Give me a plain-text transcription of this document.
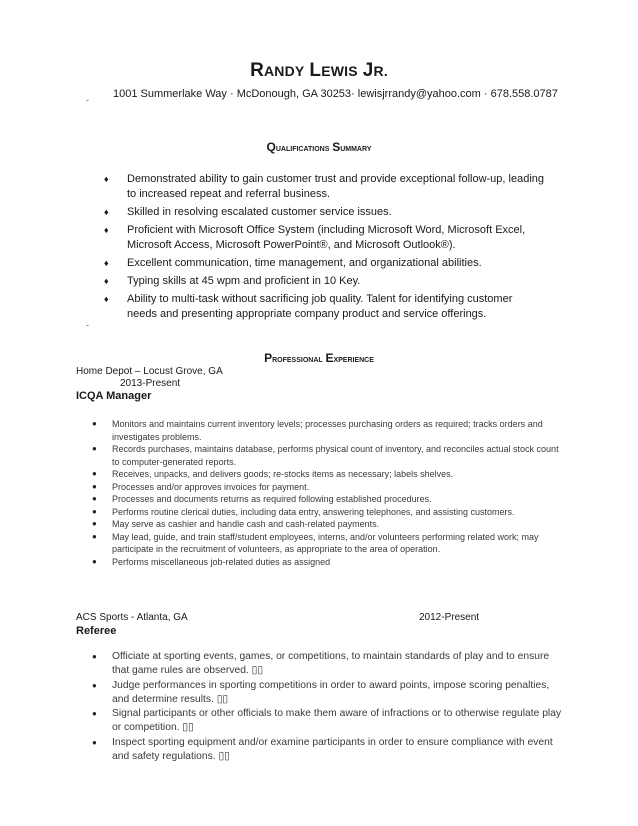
RANDY LEWIS JR.
- 1001 Summerlake Way · McDonough, GA 30253· lewisjrrandy@yahoo.com · 678.558.0787
Qualifications Summary
♦ Demonstrated ability to gain customer trust and provide exceptional follow-up, leading to increased repeat and referral business.
♦ Skilled in resolving escalated customer service issues.
♦ Proficient with Microsoft Office System (including Microsoft Word, Microsoft Excel, Microsoft Access, Microsoft PowerPoint®, and Microsoft Outlook®).
♦ Excellent communication, time management, and organizational abilities.
♦ Typing skills at 45 wpm and proficient in 10 Key.
♦ Ability to multi-task without sacrificing job quality. Talent for identifying customer needs and presenting appropriate company product and service offerings.
-
Professional Experience
Home Depot – Locust Grove, GA
2013-Present
ICQA Manager
● Monitors and maintains current inventory levels; processes purchasing orders as required; tracks orders and investigates problems.
● Records purchases, maintains database, performs physical count of inventory, and reconciles actual stock count to computer-generated reports.
● Receives, unpacks, and delivers goods; re-stocks items as necessary; labels shelves.
● Processes and/or approves invoices for payment.
● Processes and documents returns as required following established procedures.
● Performs routine clerical duties, including data entry, answering telephones, and assisting customers.
● May serve as cashier and handle cash and cash-related payments.
● May lead, guide, and train staff/student employees, interns, and/or volunteers performing related work; may participate in the recruitment of volunteers, as appropriate to the area of operation.
● Performs miscellaneous job-related duties as assigned
ACS Sports - Atlanta, GA	2012-Present
Referee
● Officiate at sporting events, games, or competitions, to maintain standards of play and to ensure that game rules are observed. ▯▯
● Judge performances in sporting competitions in order to award points, impose scoring penalties, and determine results. ▯▯
● Signal participants or other officials to make them aware of infractions or to otherwise regulate play or competition. ▯▯
● Inspect sporting equipment and/or examine participants in order to ensure compliance with event and safety regulations. ▯▯
